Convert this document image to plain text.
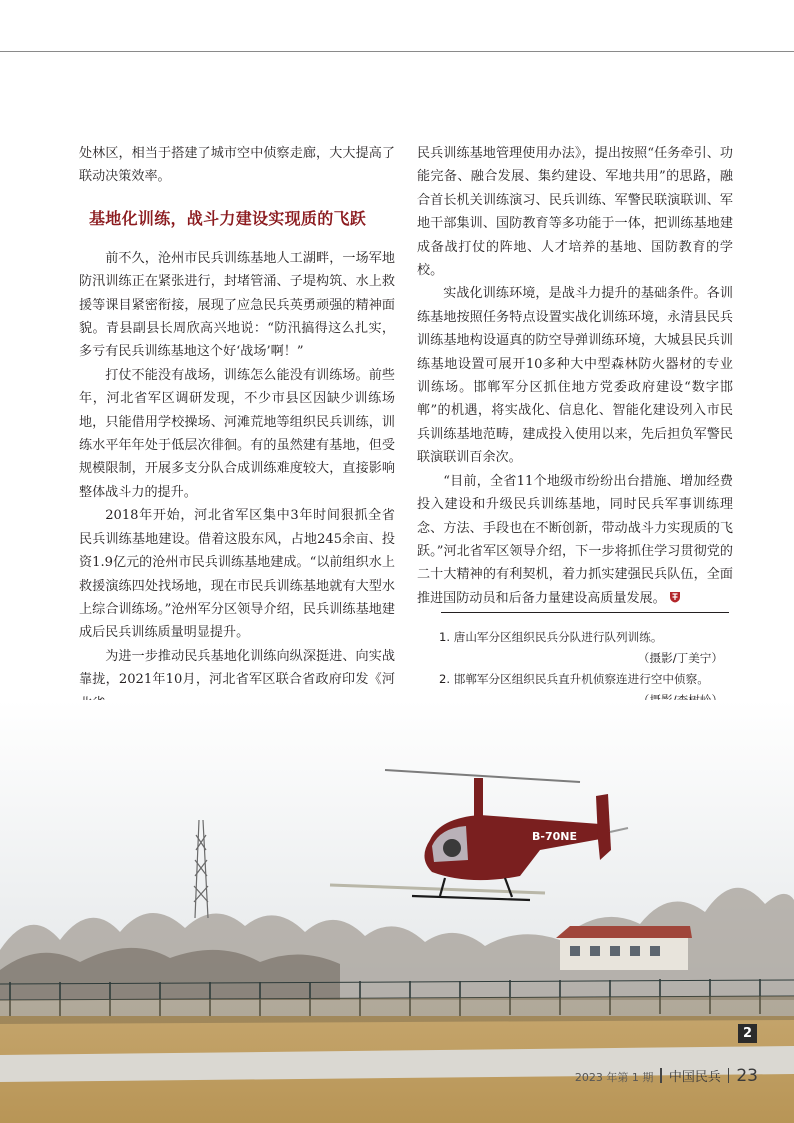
处林区，相当于搭建了城市空中侦察走廊，大大提高了联动决策效率。

基地化训练，战斗力建设实现质的飞跃

前不久，沧州市民兵训练基地人工湖畔，一场军地防汛训练正在紧张进行，封堵管涌、子堤构筑、水上救援等课目紧密衔接，展现了应急民兵英勇顽强的精神面貌。青县副县长周欣高兴地说：“防汛搞得这么扎实，多亏有民兵训练基地这个好‘战场’啊！”

打仗不能没有战场，训练怎么能没有训练场。前些年，河北省军区调研发现，不少市县区因缺少训练场地，只能借用学校操场、河滩荒地等组织民兵训练，训练水平年年处于低层次徘徊。有的虽然建有基地，但受规模限制，开展多支分队合成训练难度较大，直接影响整体战斗力的提升。

2018年开始，河北省军区集中3年时间狠抓全省民兵训练基地建设。借着这股东风，占地245余亩、投资1.9亿元的沧州市民兵训练基地建成。“以前组织水上救援演练四处找场地，现在市民兵训练基地就有大型水上综合训练场。”沧州军分区领导介绍，民兵训练基地建成后民兵训练质量明显提升。

为进一步推动民兵基地化训练向纵深挺进、向实战靠拢，2021年10月，河北省军区联合省政府印发《河

民兵训练基地管理使用办法》，提出按照“任务牵引、功能完备、融合发展、集约建设、军地共用”的思路，融合首长机关训练演习、民兵训练、军警民联演联训、军地干部集训、国防教育等多功能于一体，把训练基地建成备战打仗的阵地、人才培养的基地、国防教育的学校。

实战化训练环境，是战斗力提升的基础条件。各训练基地按照任务特点设置实战化训练环境，永清县民兵训练基地构设逼真的防空导弹训练环境，大城县民兵训练基地设置可展开10多种大中型森林防火器材的专业训练场。邯郸军分区抓住地方党委政府建设“数字邯郸”的机遇，将实战化、信息化、智能化建设列入市民兵训练基地范畴，建成投入使用以来，先后担负军警民联演联训百余次。

“目前，全省11个地级市纷纷出台措施、增加经费投入建设和升级民兵训练基地，同时民兵军事训练理念、方法、手段也在不断创新，带动战斗力实现质的飞跃。”河北省军区领导介绍，下一步将抓住学习贯彻党的二十大精神的有利契机，着力抓实建强民兵队伍，全面推进国防动员和后备力量建设高质量发展。

1. 唐山军分区组织民兵分队进行队列训练。
（摄影/丁美宁）
2. 邯郸军分区组织民兵直升机侦察连进行空中侦察。
B-70NE
2
2023 年第 1 期 中国民兵 23
